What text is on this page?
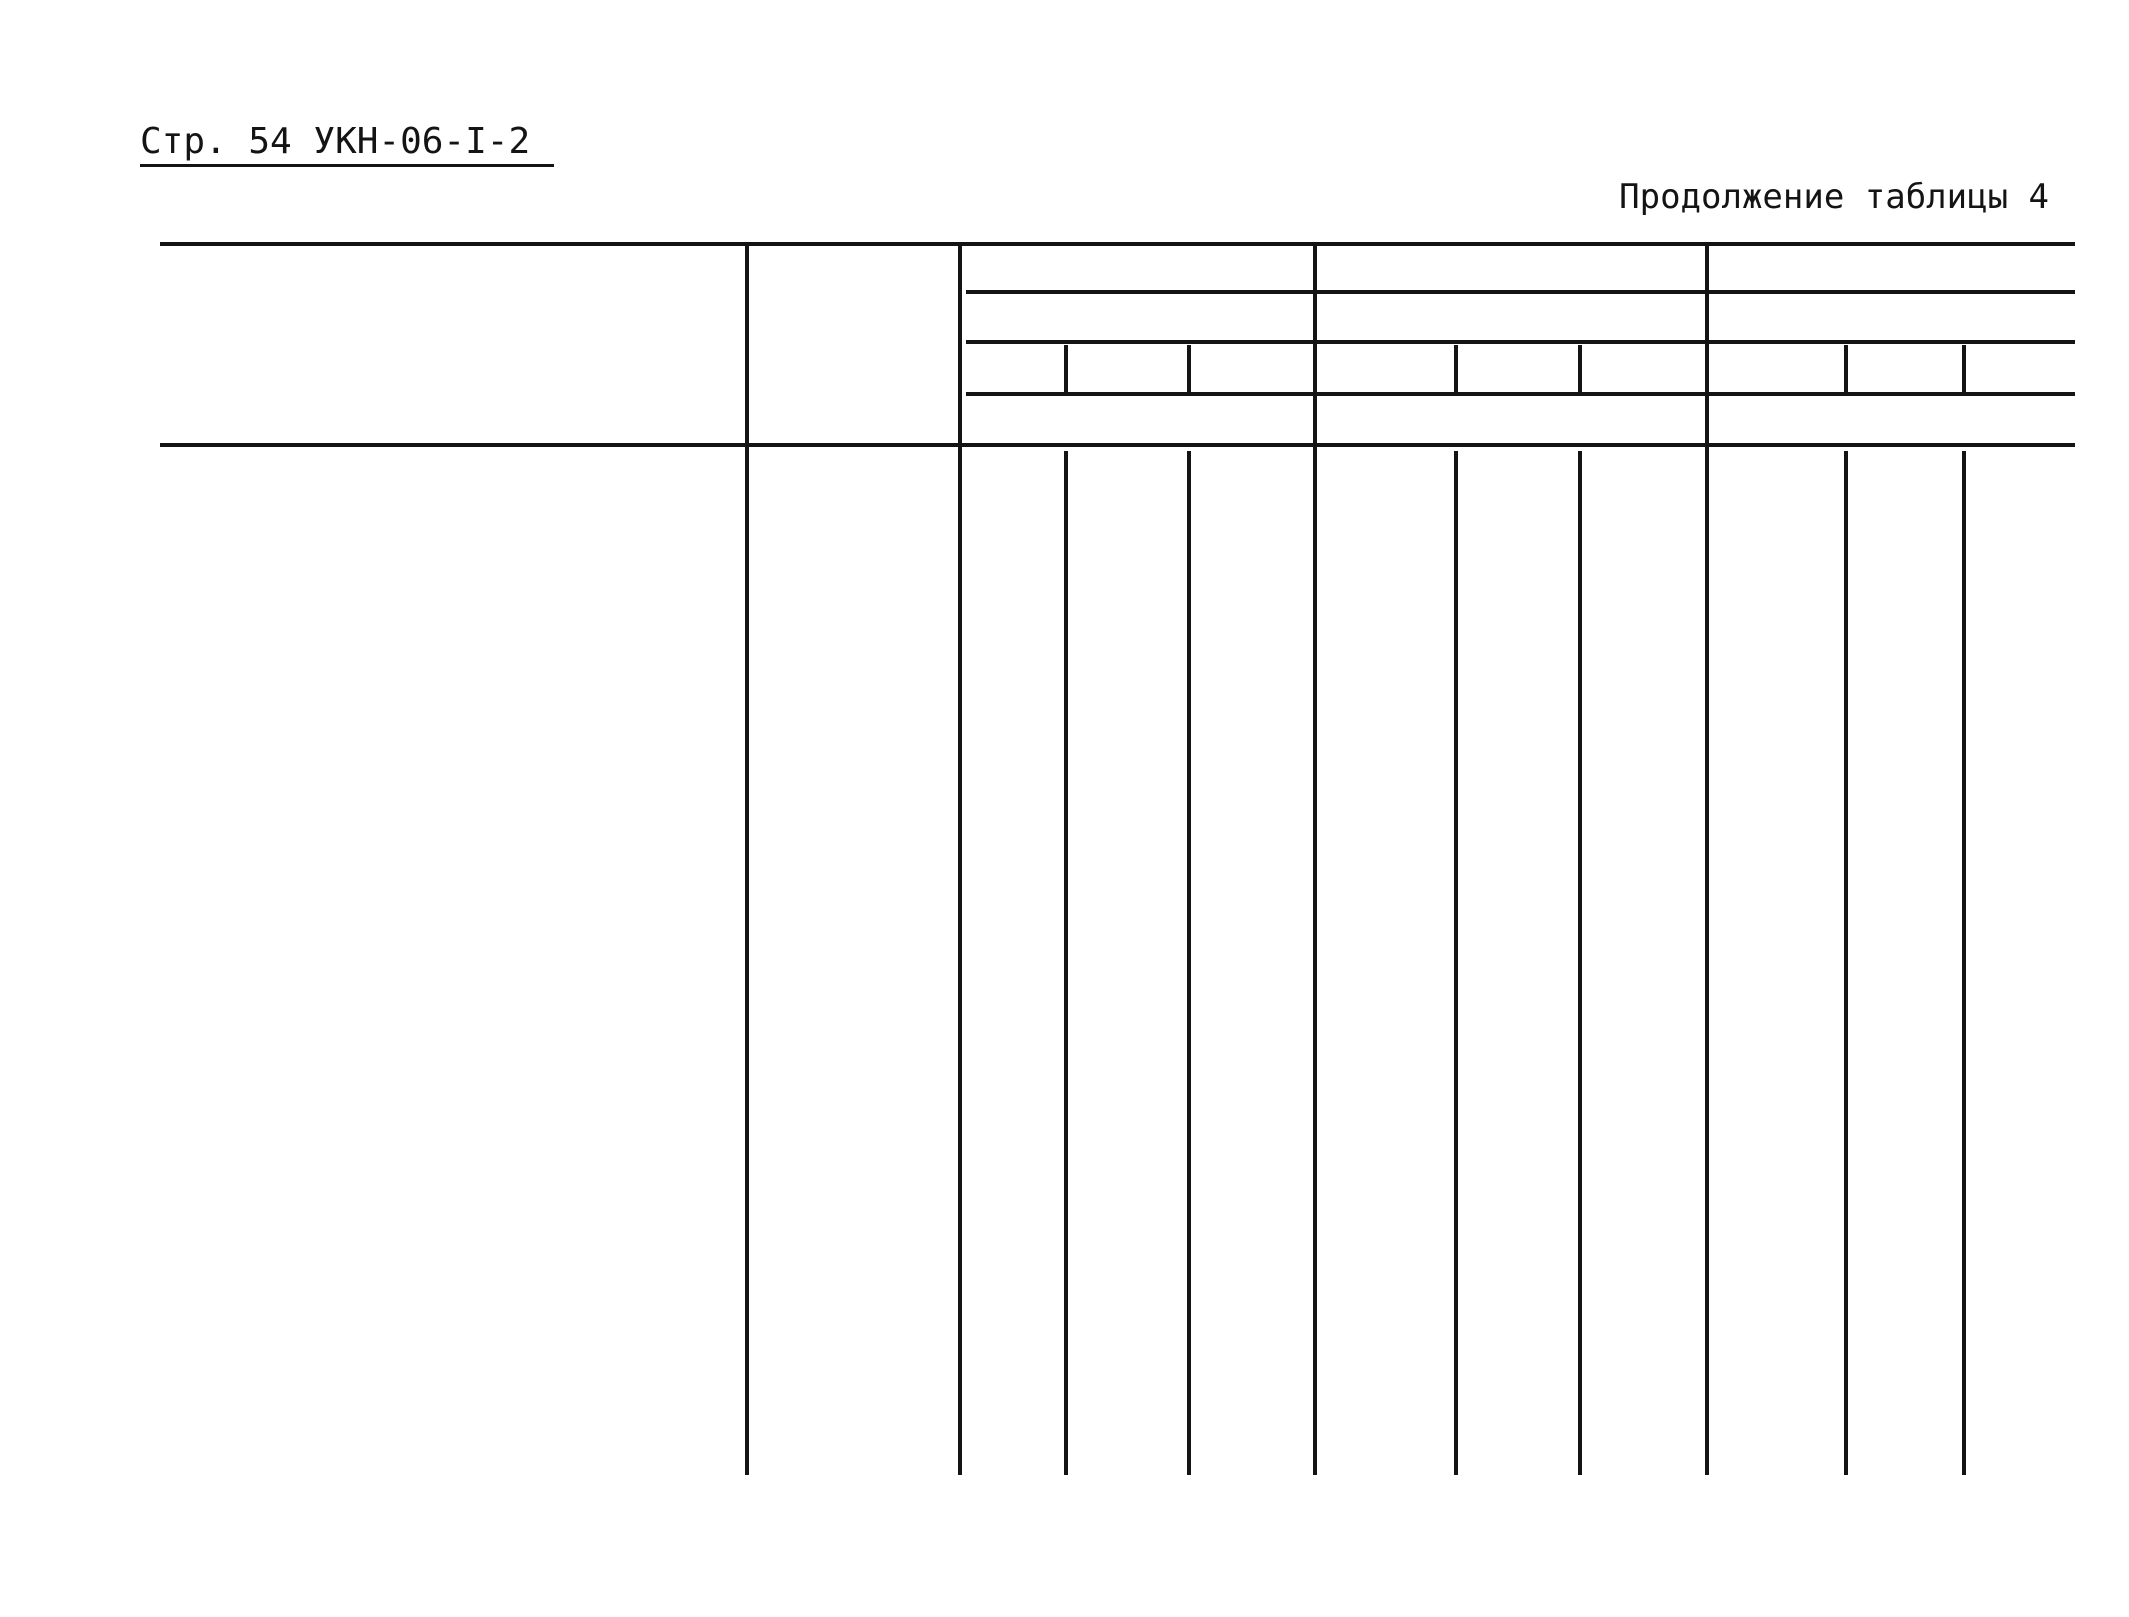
Стр. 54 УКН-06-I-2
Продолжение таблицы 4
